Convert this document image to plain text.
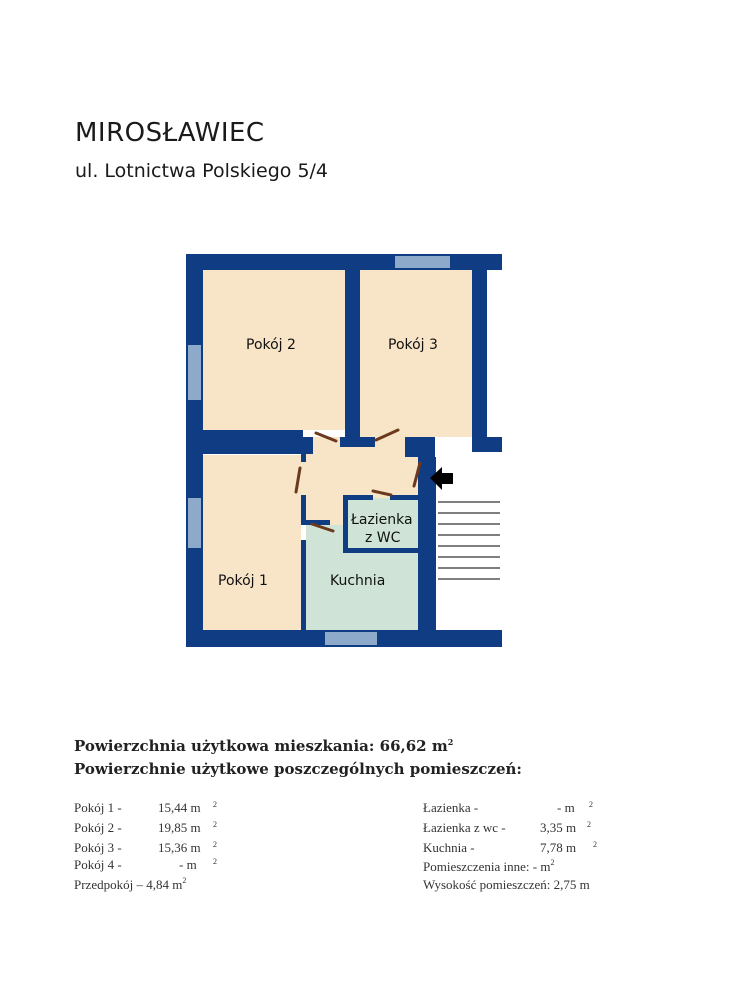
MIROSŁAWIEC
ul. Lotnictwa Polskiego 5/4
Pokój 2	Pokój 3
Pokój 1
Łazienka
z WC
Kuchnia
Powierzchnia użytkowa mieszkania: 66,62 $m^2$
Powierzchnie użytkowe poszczególnych pomieszczeń:
Pokój 1 -	15,44 m 2
Pokój 2 -	19,85 m 2
Pokój 3 -	15,36 m 2
Pokój 4 -	- m 2
Przedpokój – 4,84 $m^2$
Łazienka -	- m 2
Łazienka z wc -	3,35 m 2
Kuchnia -	7,78 m 2
Pomieszczenia inne: - $m^2$
Wysokość pomieszczeń: 2,75 m
